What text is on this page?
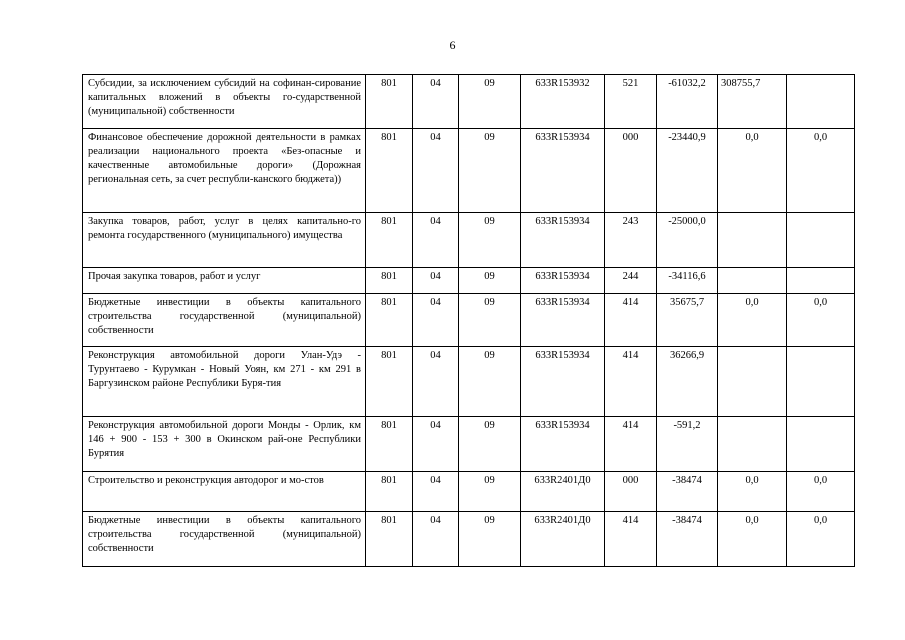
6
Субсидии, за исключением субсидий на софинан-сирование капитальных вложений в объекты го-сударственной (муниципальной) собственности	801	04	09	633R153932	521	-61032,2	308755,7	
Финансовое обеспечение дорожной деятельности в рамках реализации национального проекта «Без-опасные и качественные автомобильные дороги» (Дорожная региональная сеть, за счет республи-канского бюджета))	801	04	09	633R153934	000	-23440,9	0,0	0,0
Закупка товаров, работ, услуг в целях капитально-го ремонта государственного (муниципального) имущества	801	04	09	633R153934	243	-25000,0		
Прочая закупка товаров, работ и услуг	801	04	09	633R153934	244	-34116,6		
Бюджетные инвестиции в объекты капитального строительства государственной (муниципальной) собственности	801	04	09	633R153934	414	35675,7	0,0	0,0
Реконструкция автомобильной дороги Улан-Удэ - Турунтаево - Курумкан - Новый Уоян, км 271 - км 291 в Баргузинском районе Республики Буря-тия	801	04	09	633R153934	414	36266,9		
Реконструкция автомобильной дороги Монды - Орлик, км 146 + 900 - 153 + 300 в Окинском рай-оне Республики Бурятия	801	04	09	633R153934	414	-591,2		
Строительство и реконструкция автодорог и мо-стов	801	04	09	633R2401Д0	000	-38474	0,0	0,0
Бюджетные инвестиции в объекты капитального строительства государственной (муниципальной) собственности	801	04	09	633R2401Д0	414	-38474	0,0	0,0
